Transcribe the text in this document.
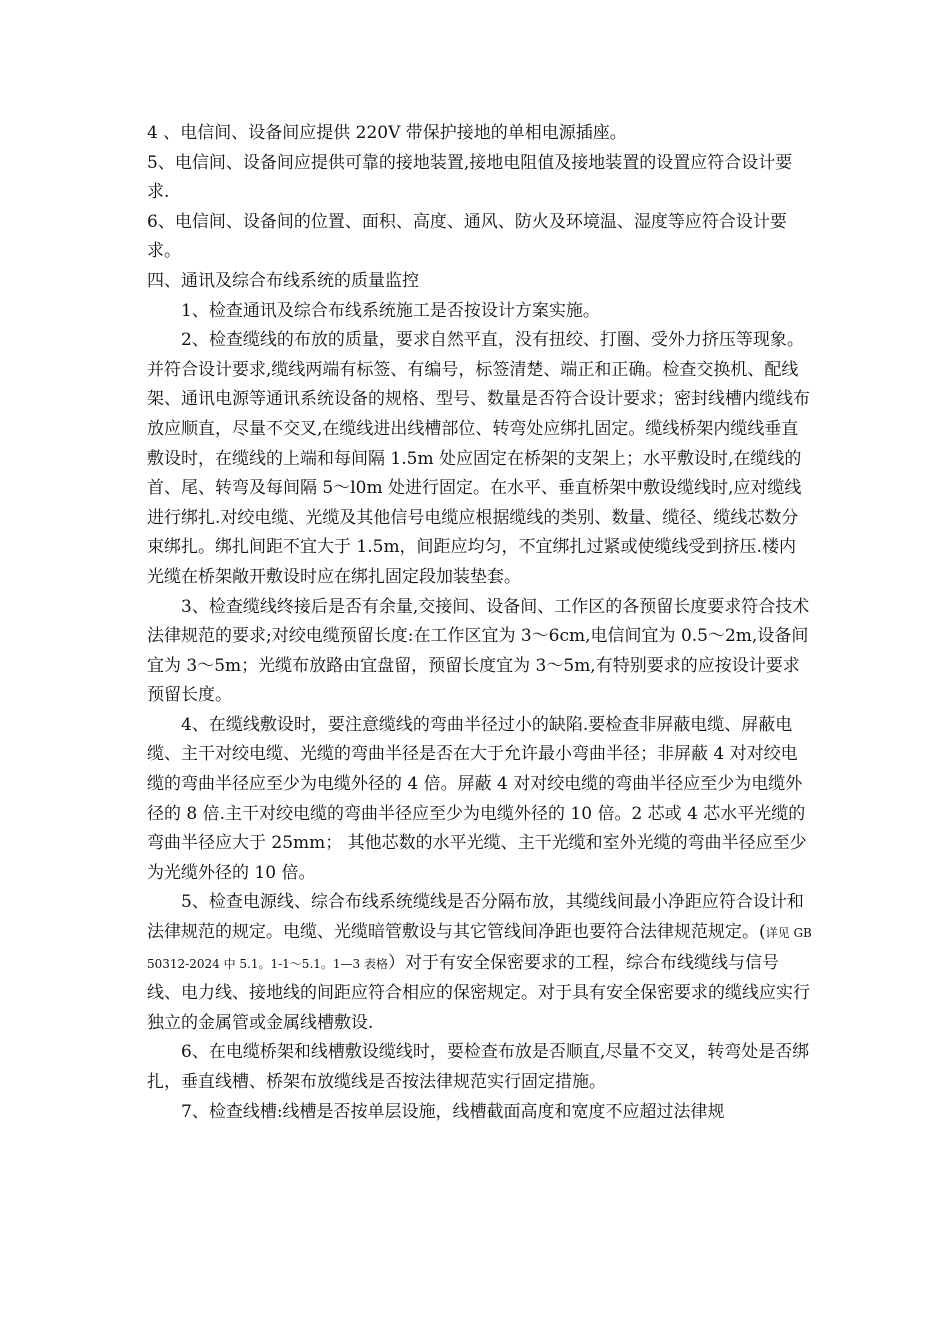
4 、电信间、设备间应提供 220V 带保护接地的单相电源插座。

5、电信间、设备间应提供可靠的接地装置,接地电阻值及接地装置的设置应符合设计要求.

6、电信间、设备间的位置、面积、高度、通风、防火及环境温、湿度等应符合设计要求。

四、通讯及综合布线系统的质量监控

1、检查通讯及综合布线系统施工是否按设计方案实施。

2、检查缆线的布放的质量，要求自然平直，没有扭绞、打圈、受外力挤压等现象。并符合设计要求,缆线两端有标签、有编号，标签清楚、端正和正确。检查交换机、配线架、通讯电源等通讯系统设备的规格、型号、数量是否符合设计要求；密封线槽内缆线布放应顺直，尽量不交叉,在缆线进出线槽部位、转弯处应绑扎固定。缆线桥架内缆线垂直敷设时，在缆线的上端和每间隔 1.5m 处应固定在桥架的支架上；水平敷设时,在缆线的首、尾、转弯及每间隔 5～l0m 处进行固定。在水平、垂直桥架中敷设缆线时,应对缆线进行绑扎.对绞电缆、光缆及其他信号电缆应根据缆线的类别、数量、缆径、缆线芯数分束绑扎。绑扎间距不宜大于 1.5m，间距应均匀，不宜绑扎过紧或使缆线受到挤压.楼内光缆在桥架敞开敷设时应在绑扎固定段加装垫套。

3、检查缆线终接后是否有余量,交接间、设备间、工作区的各预留长度要求符合技术法律规范的要求;对绞电缆预留长度:在工作区宜为 3～6cm,电信间宜为 0.5～2m,设备间宜为 3～5m；光缆布放路由宜盘留，预留长度宜为 3～5m,有特别要求的应按设计要求预留长度。

4、在缆线敷设时，要注意缆线的弯曲半径过小的缺陷.要检查非屏蔽电缆、屏蔽电缆、主干对绞电缆、光缆的弯曲半径是否在大于允许最小弯曲半径；非屏蔽 4 对对绞电缆的弯曲半径应至少为电缆外径的 4 倍。屏蔽 4 对对绞电缆的弯曲半径应至少为电缆外径的 8 倍.主干对绞电缆的弯曲半径应至少为电缆外径的 10 倍。2 芯或 4 芯水平光缆的弯曲半径应大于 25mm； 其他芯数的水平光缆、主干光缆和室外光缆的弯曲半径应至少为光缆外径的 10 倍。

5、检查电源线、综合布线系统缆线是否分隔布放，其缆线间最小净距应符合设计和法律规范的规定。电缆、光缆暗管敷设与其它管线间净距也要符合法律规范规定。(详见 GB50312-2024 中 5.1。1-1～5.1。1—3 表格）对于有安全保密要求的工程，综合布线缆线与信号线、电力线、接地线的间距应符合相应的保密规定。对于具有安全保密要求的缆线应实行独立的金属管或金属线槽敷设.

6、在电缆桥架和线槽敷设缆线时，要检查布放是否顺直,尽量不交叉，转弯处是否绑扎，垂直线槽、桥架布放缆线是否按法律规范实行固定措施。

7、检查线槽:线槽是否按单层设施，线槽截面高度和宽度不应超过法律规
